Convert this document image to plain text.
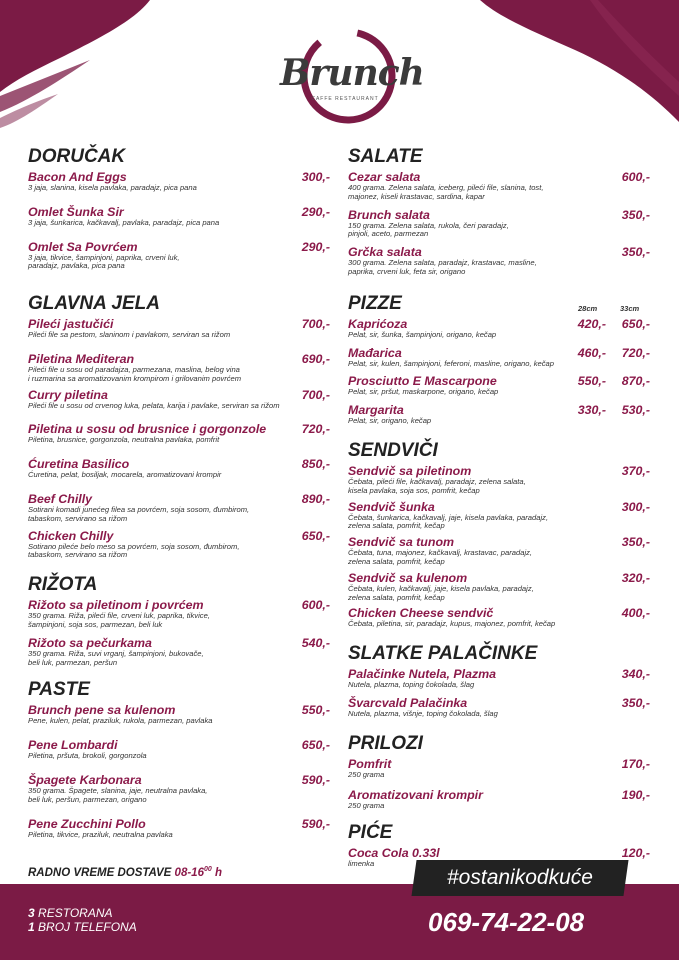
Brunch
CAFFE RESTAURANT
DORUČAK
Bacon And Eggs	300,-
3 jaja, slanina, kisela pavlaka, paradajz, pica pana
Omlet Šunka Sir	290,-
3 jaja, šunkarica, kačkavalj, pavlaka, paradajz, pica pana
Omlet Sa Povrćem	290,-
3 jaja, tikvice, šampinjoni, paprika, crveni luk,
paradajz, pavlaka, pica pana
GLAVNA JELA
Pileći jastučići	700,-
Pileći file sa pestom, slaninom i pavlakom, serviran sa rižom
Piletina Mediteran	690,-
Pileći file u sosu od paradajza, parmezana, maslina, belog vina
i ruzmarina sa aromatizovanim krompirom i grilovanim povrćem
Curry piletina	700,-
Pileći file u sosu od crvenog luka, pelata, karija i pavlake, serviran sa rižom
Piletina u sosu od brusnice i gorgonzole	720,-
Piletina, brusnice, gorgonzola, neutralna pavlaka, pomfrit
Ćuretina Basilico	850,-
Ćuretina, pelat, bosiljak, mocarela, aromatizovani krompir
Beef Chilly	890,-
Sotirani komadi junećeg filea sa povrćem, soja sosom, đumbirom,
tabaskom, servirano sa rižom
Chicken Chilly	650,-
Sotirano pileće belo meso sa povrćem, soja sosom, đumbirom,
tabaskom, servirano sa rižom
RIŽOTA
Rižoto sa piletinom i povrćem	600,-
350 grama. Riža, pileći file, crveni luk, paprika, tikvice,
šampinjoni, soja sos, parmezan, beli luk
Rižoto sa pečurkama	540,-
350 grama. Riža, suvi vrganj, šampinjoni, bukovače,
beli luk, parmezan, peršun
PASTE
Brunch pene sa kulenom	550,-
Pene, kulen, pelat, praziluk, rukola, parmezan, pavlaka
Pene Lombardi	650,-
Piletina, pršuta, brokoli, gorgonzola
Špagete Karbonara	590,-
350 grama. Špagete, slanina, jaje, neutralna pavlaka,
beli luk, peršun, parmezan, origano
Pene Zucchini Pollo	590,-
Piletina, tikvice, praziluk, neutralna pavlaka
SALATE
Cezar salata	600,-
400 grama. Zelena salata, iceberg, pileći file, slanina, tost,
majonez, kiseli krastavac, sardina, kapar
Brunch salata	350,-
150 grama. Zelena salata, rukola, čeri paradajz,
pinjoli, aceto, parmezan
Grčka salata	350,-
300 grama. Zelena salata, paradajz, krastavac, masline,
paprika, crveni luk, feta sir, origano
PIZZE	28cm	33cm
Kaprićoza	420,- 650,-
Pelat, sir, šunka, šampinjoni, origano, kečap
Mađarica	460,- 720,-
Pelat, sir, kulen, šampinjoni, feferoni, masline, origano, kečap
Prosciutto E Mascarpone	550,- 870,-
Pelat, sir, pršut, maskarpone, origano, kečap
Margarita	330,- 530,-
Pelat, sir, origano, kečap
SENDVIČI
Sendvič sa piletinom	370,-
Čebata, pileći file, kačkavalj, paradajz, zelena salata,
kisela pavlaka, soja sos, pomfrit, kečap
Sendvič šunka	300,-
Čebata, šunkarica, kačkavalj, jaje, kisela pavlaka, paradajz,
zelena salata, pomfrit, kečap
Sendvič sa tunom	350,-
Čebata, tuna, majonez, kačkavalj, krastavac, paradajz,
zelena salata, pomfrit, kečap
Sendvič sa kulenom	320,-
Čebata, kulen, kačkavalj, jaje, kisela pavlaka, paradajz,
zelena salata, pomfrit, kečap
Chicken Cheese sendvič	400,-
Čebata, piletina, sir, paradajz, kupus, majonez, pomfrit, kečap
SLATKE PALAČINKE
Palačinke Nutela, Plazma	340,-
Nutela, plazma, toping čokolada, šlag
Švarcvald Palačinka	350,-
Nutela, plazma, višnje, toping čokolada, šlag
PRILOZI
Pomfrit	170,-
250 grama
Aromatizovani krompir	190,-
250 grama
PIĆE
Coca Cola 0.33l	120,-
limenka
RADNO VREME DOSTAVE $08-16^{00}$ h	#ostanikodkuće
3 RESTORANA
1 BROJ TELEFONA	069-74-22-08
